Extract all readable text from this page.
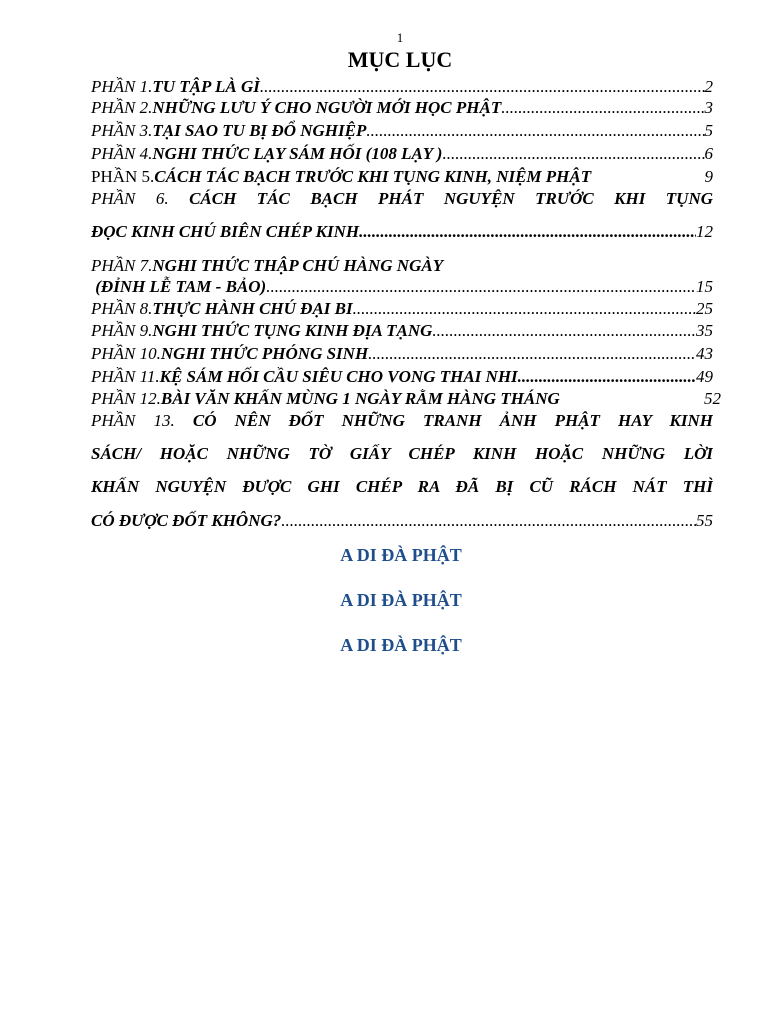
1
MỤC LỤC
PHẦN 1. TU TẬP LÀ GÌ .....	2
PHẦN 2. NHỮNG LƯU Ý CHO NGƯỜI MỚI HỌC PHẬT .....	3
PHẦN 3. TẠI SAO TU BỊ ĐỔ NGHIỆP .....	5
PHẦN 4. NGHI THỨC LẠY SÁM HỐI (108 LẠY ) .....	6
PHẦN 5. CÁCH TÁC BẠCH TRƯỚC KHI TỤNG KINH, NIỆM PHẬT	9
PHẦN 6. CÁCH TÁC BẠCH PHÁT NGUYỆN TRƯỚC KHI TỤNG
ĐỌC KINH CHÚ BIÊN CHÉP KINH .....	12
PHẦN 7. NGHI THỨC THẬP CHÚ HÀNG NGÀY
(ĐỈNH LỄ TAM - BẢO) .....	15
PHẦN 8. THỰC HÀNH CHÚ ĐẠI BI .....	25
PHẦN 9. NGHI THỨC TỤNG KINH ĐỊA TẠNG .....	35
PHẦN 10. NGHI THỨC PHÓNG SINH .....	43
PHẦN 11. KỆ SÁM HỐI CẦU SIÊU CHO VONG THAI NHI .....	49
PHẦN 12. BÀI VĂN KHẤN MÙNG 1 NGÀY RẰM HÀNG THÁNG	52
PHẦN 13. CÓ NÊN ĐỐT NHỮNG TRANH ẢNH PHẬT HAY KINH
SÁCH/ HOẶC NHỮNG TỜ GIẤY CHÉP KINH HOẶC NHỮNG LỜI
KHẤN NGUYỆN ĐƯỢC GHI CHÉP RA ĐÃ BỊ CŨ RÁCH NÁT THÌ
CÓ ĐƯỢC ĐỐT KHÔNG? .....	55
A DI ĐÀ PHẬT
A DI ĐÀ PHẬT
A DI ĐÀ PHẬT
